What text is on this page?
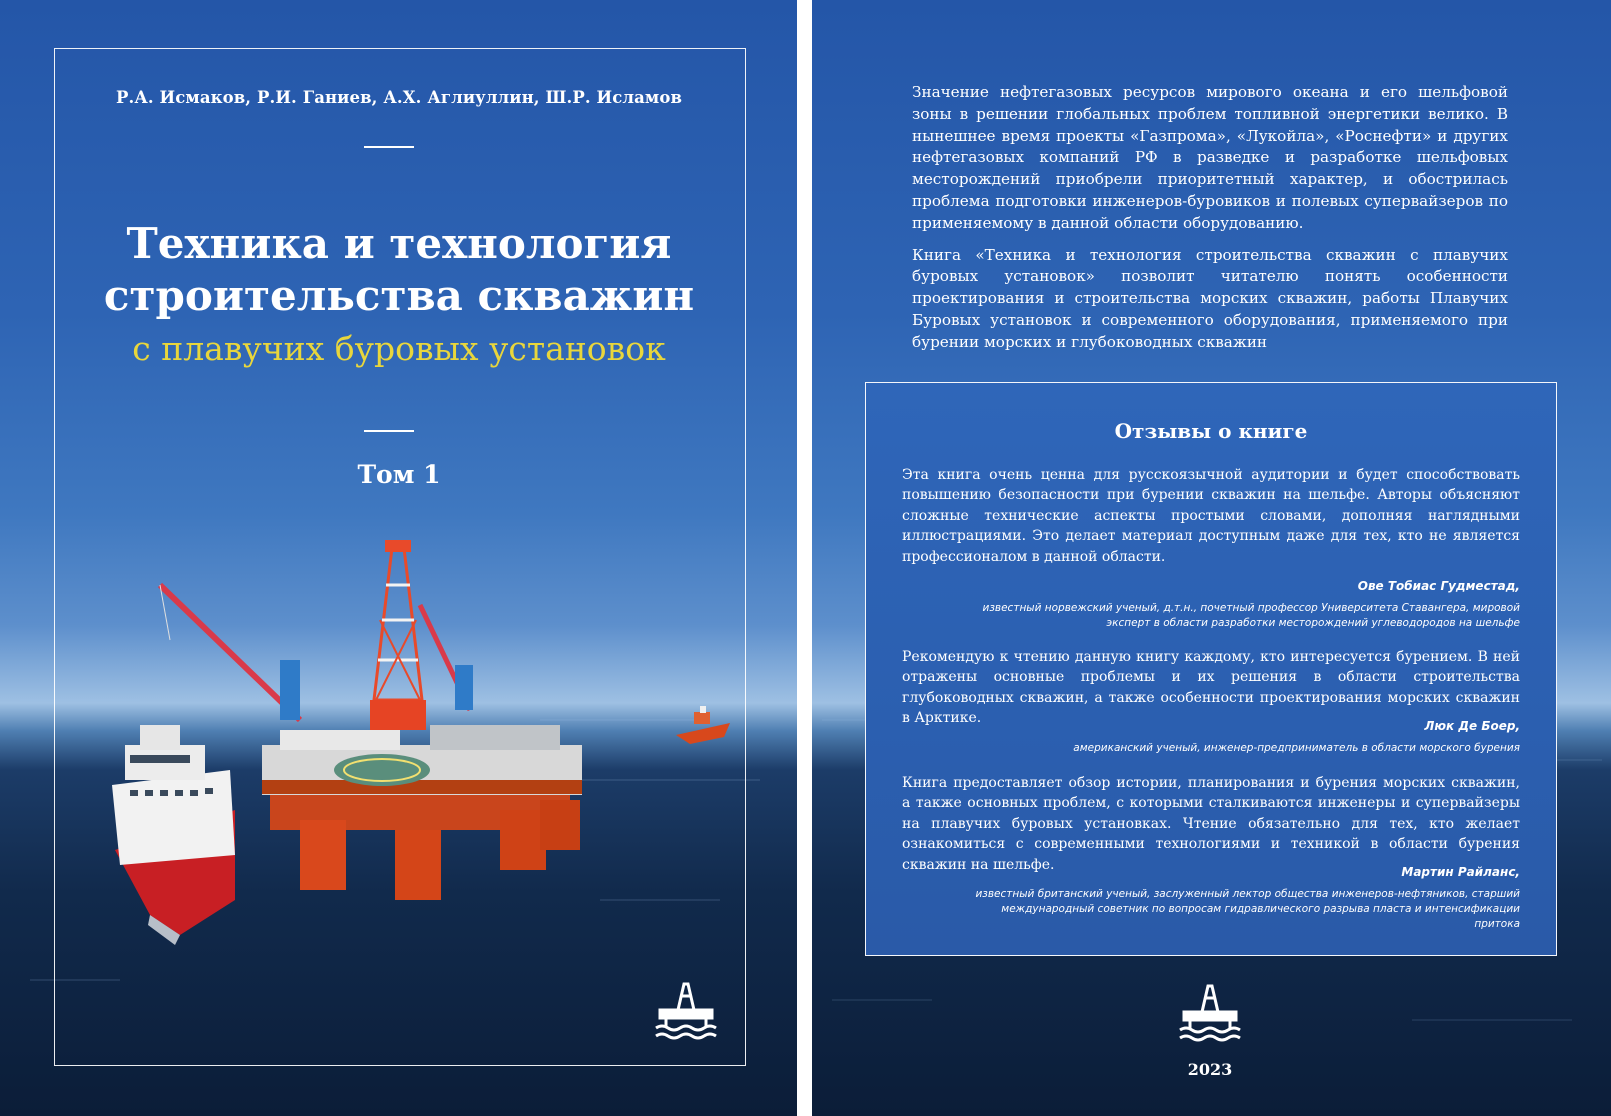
Р.А. Исмаков, Р.И. Ганиев, А.Х. Аглиуллин, Ш.Р. Исламов
Техника и технология
строительства скважин
с плавучих буровых установок
Том 1

Значение нефтегазовых ресурсов мирового океана и его шельфовой зоны в решении глобальных проблем топливной энергетики велико. В нынешнее время проекты «Газпрома», «Лукойла», «Роснефти» и других нефтегазовых компаний РФ в разведке и разработке шельфовых месторождений приобрели приоритетный характер, и обострилась проблема подготовки инженеров-буровиков и полевых супервайзеров по применяемому в данной области оборудованию.

Книга «Техника и технология строительства скважин с плавучих буровых установок» позволит читателю понять особенности проектирования и строительства морских скважин, работы Плавучих Буровых установок и современного оборудования, применяемого при бурении морских и глубоководных скважин

Отзывы о книге
Эта книга очень ценна для русскоязычной аудитории и будет способствовать повышению безопасности при бурении скважин на шельфе. Авторы объясняют сложные технические аспекты простыми словами, дополняя наглядными иллюстрациями. Это делает материал доступным даже для тех, кто не является профессионалом в данной области.
Ове Тобиас Гудместад,
известный норвежский ученый, д.т.н., почетный профессор Университета Ставангера, мировой эксперт в области разработки месторождений углеводородов на шельфе
Рекомендую к чтению данную книгу каждому, кто интересуется бурением. В ней отражены основные проблемы и их решения в области строительства глубоководных скважин, а также особенности проектирования морских скважин в Арктике.	Люк Де Боер,
американский ученый, инженер-предприниматель в области морского бурения
Книга предоставляет обзор истории, планирования и бурения морских скважин, а также основных проблем, с которыми сталкиваются инженеры и супервайзеры на плавучих буровых установках. Чтение обязательно для тех, кто желает ознакомиться с современными технологиями и техникой в области бурения скважин на шельфе.	Мартин Райланс,
известный британский ученый, заслуженный лектор общества инженеров-нефтяников, старший международный советник по вопросам гидравлического разрыва пласта и интенсификации притока
2023
